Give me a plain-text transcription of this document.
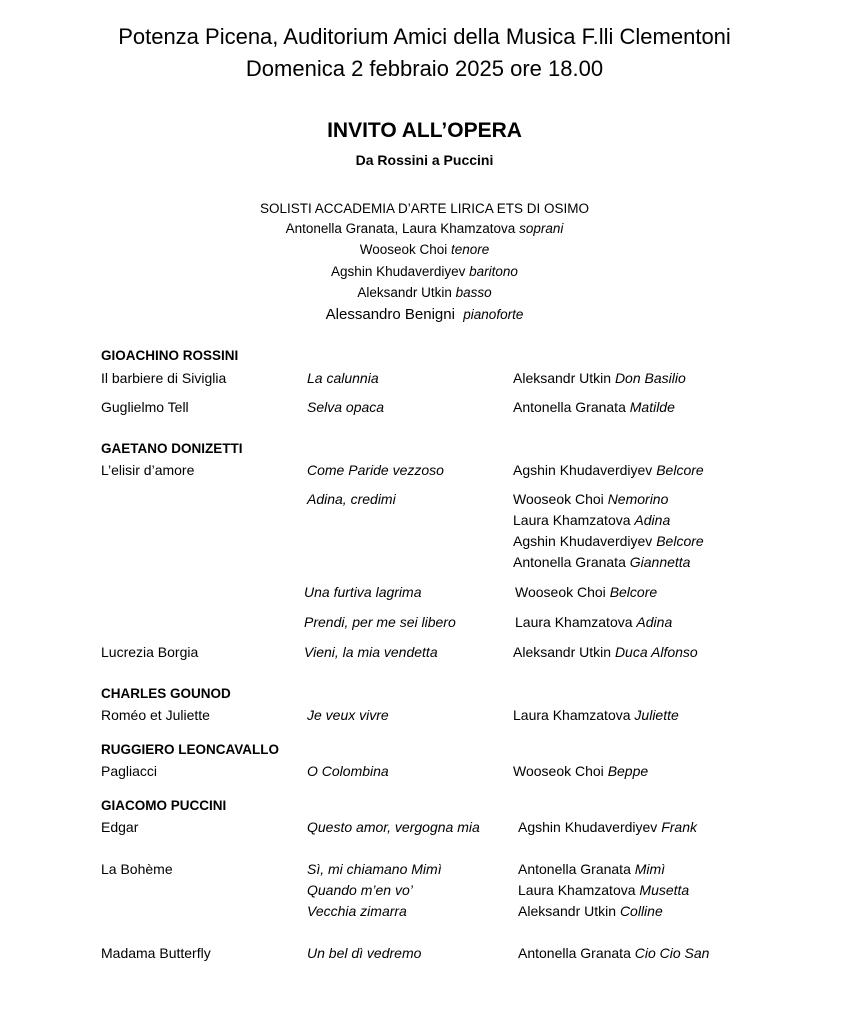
Potenza Picena, Auditorium Amici della Musica F.lli Clementoni
Domenica 2 febbraio 2025 ore 18.00
INVITO ALL’OPERA
Da Rossini a Puccini
SOLISTI ACCADEMIA D’ARTE LIRICA ETS DI OSIMO
Antonella Granata, Laura Khamzatova soprani
Wooseok Choi tenore
Agshin Khudaverdiyev baritono
Aleksandr Utkin basso
Alessandro Benigni pianoforte
GIOACHINO ROSSINI
GAETANO DONIZETTI
CHARLES GOUNOD
RUGGIERO LEONCAVALLO
GIACOMO PUCCINI
Il barbiere di Siviglia
Guglielmo Tell
L’elisir d’amore
Lucrezia Borgia
Roméo et Juliette
Pagliacci
Edgar
La Bohème
Madama Butterfly
La calunnia
Selva opaca
Come Paride vezzoso
Adina, credimi
Una furtiva lagrima
Prendi, per me sei libero
Vieni, la mia vendetta
Je veux vivre
O Colombina
Questo amor, vergogna mia
Sì, mi chiamano Mimì
Quando m’en vo’
Vecchia zimarra
Un bel dì vedremo
Aleksandr Utkin Don Basilio
Antonella Granata Matilde
Agshin Khudaverdiyev Belcore
Wooseok Choi Nemorino
Laura Khamzatova Adina
Agshin Khudaverdiyev Belcore
Antonella Granata Giannetta
Wooseok Choi Belcore
Laura Khamzatova Adina
Aleksandr Utkin Duca Alfonso
Laura Khamzatova Juliette
Wooseok Choi Beppe
Agshin Khudaverdiyev Frank
Antonella Granata Mimì
Laura Khamzatova Musetta
Aleksandr Utkin Colline
Antonella Granata Cio Cio San
